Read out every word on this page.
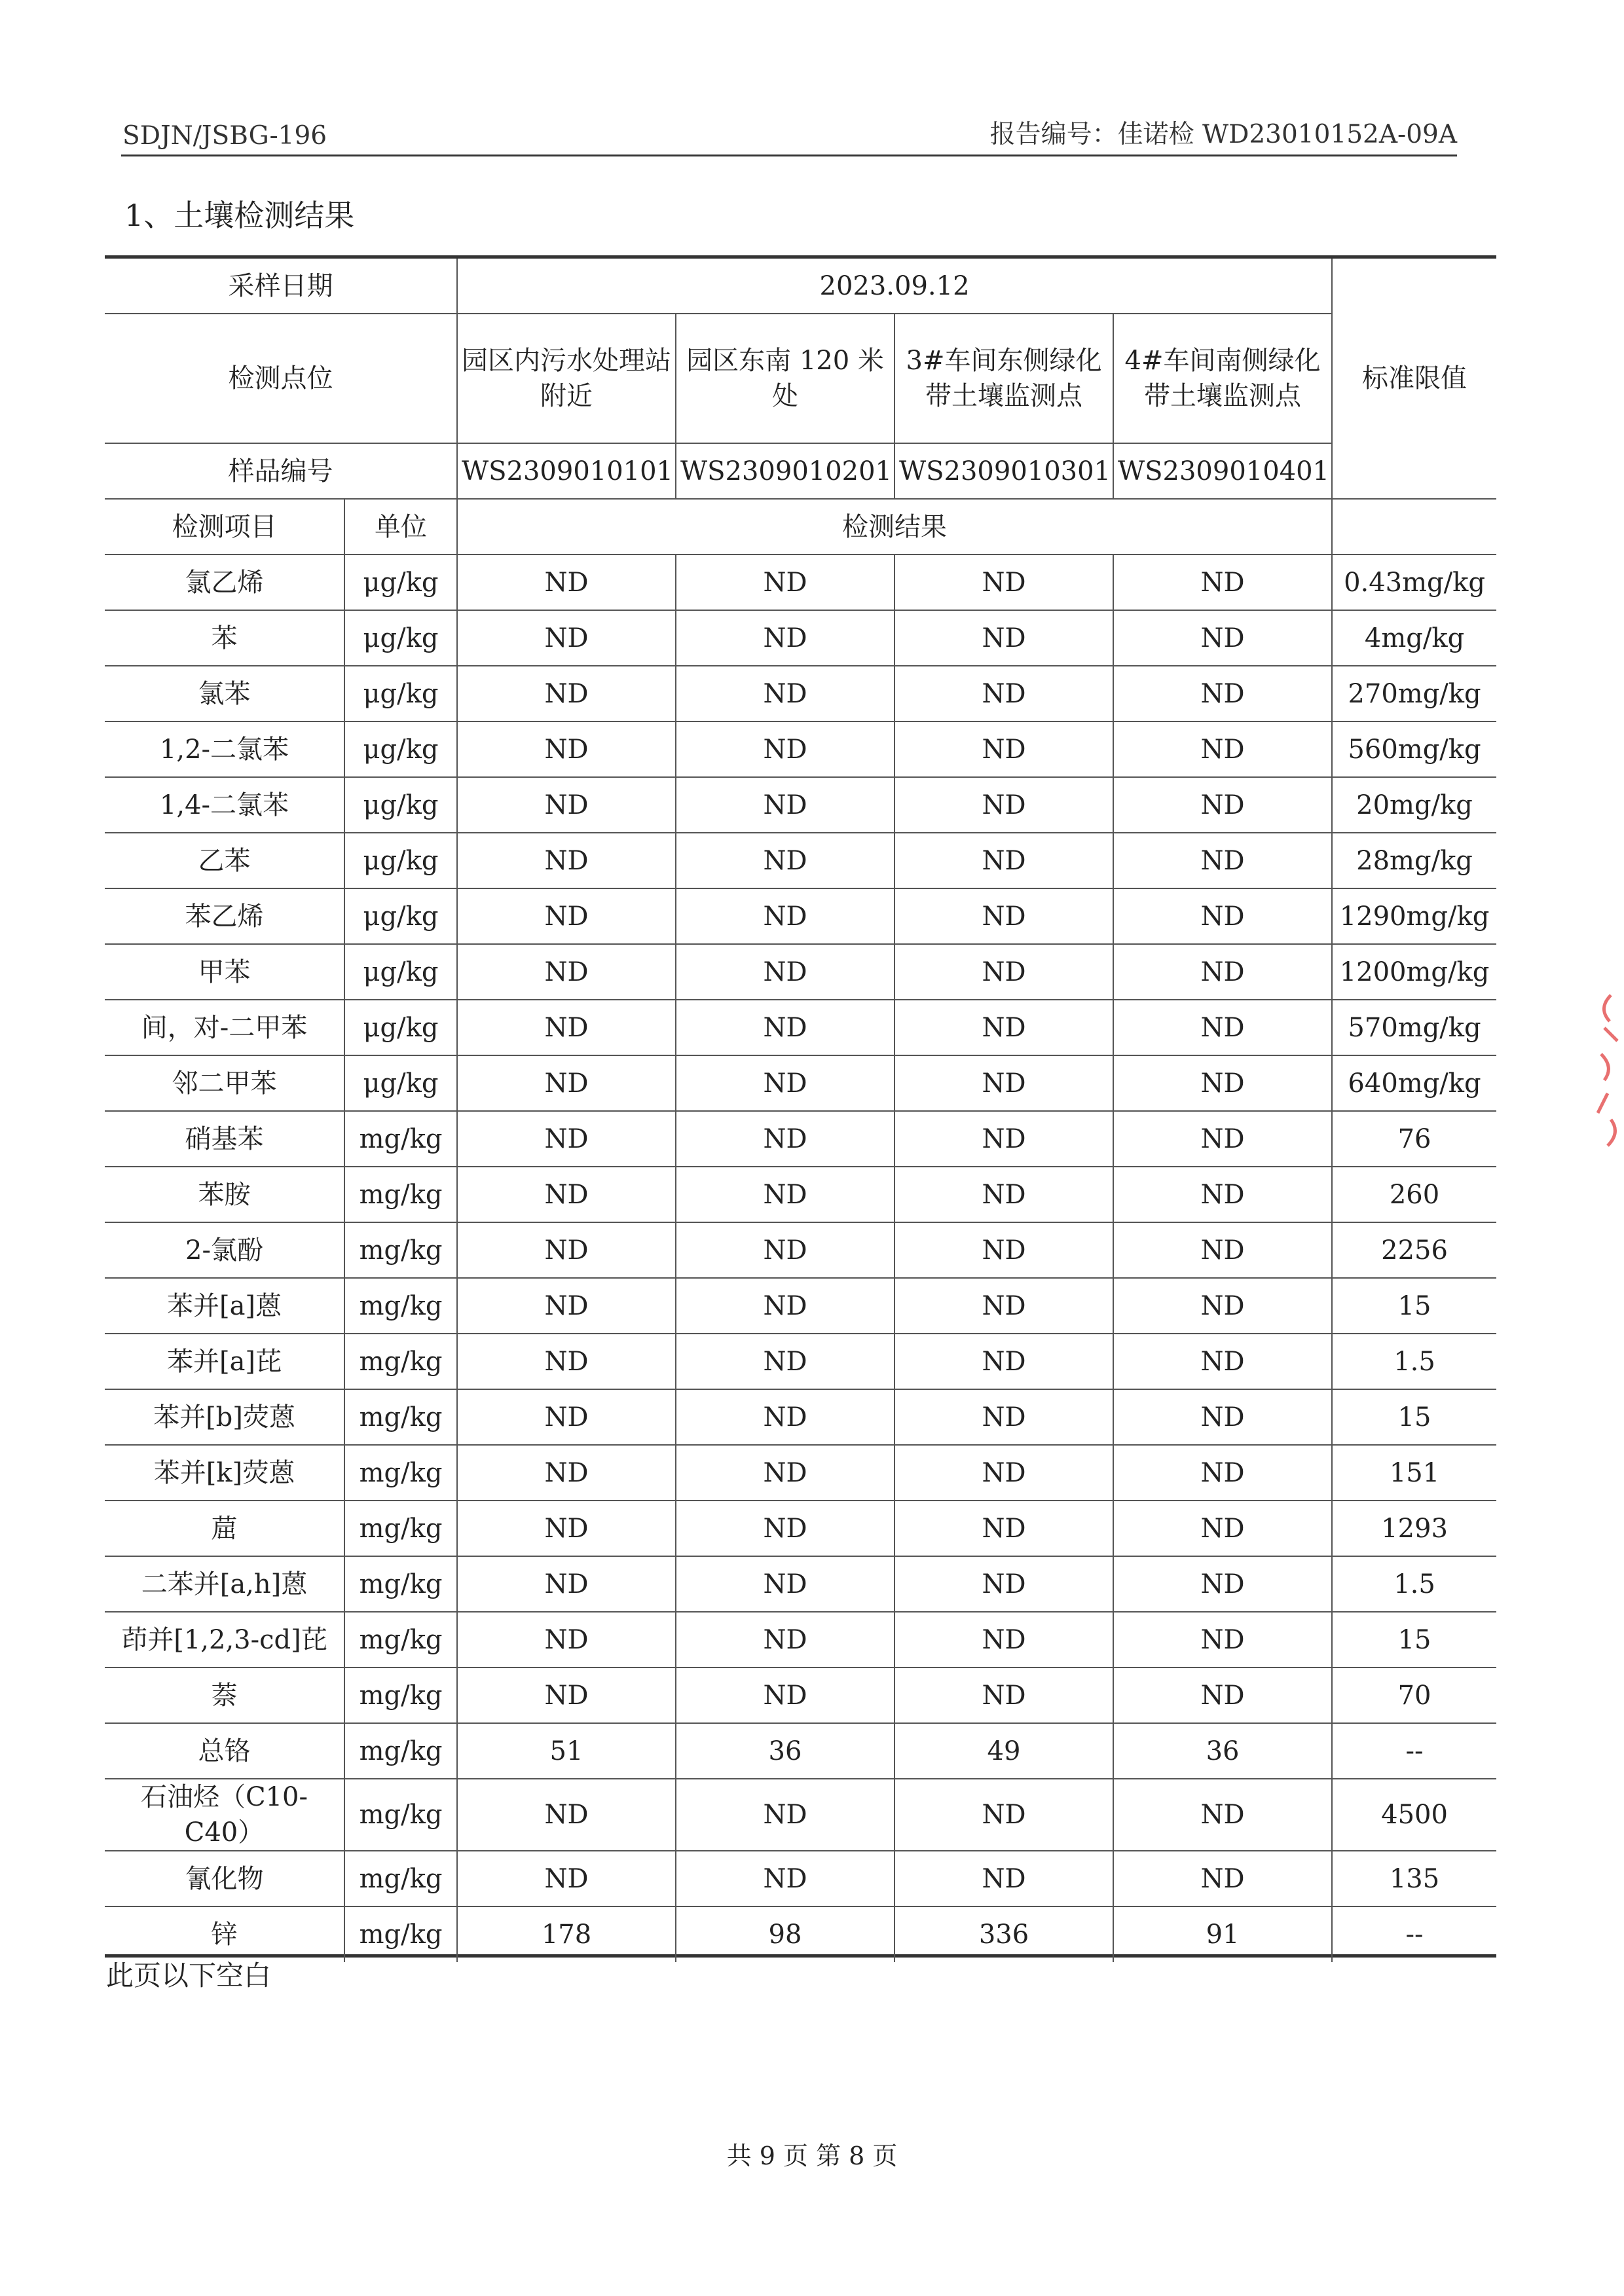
SDJN/JSBG-196	报告编号：佳诺检 WD23010152A-09A
1、土壤检测结果
采样日期		2023.09.12				标准限值
检测点位		园区内污水处理站附近	园区东南 120 米处	3#车间东侧绿化带土壤监测点	4#车间南侧绿化带土壤监测点	
样品编号		WS2309010101	WS2309010201	WS2309010301	WS2309010401	
检测项目	单位	检测结果				
氯乙烯	μg/kg	ND	ND	ND	ND	0.43mg/kg
苯	μg/kg	ND	ND	ND	ND	4mg/kg
氯苯	μg/kg	ND	ND	ND	ND	270mg/kg
1,2-二氯苯	μg/kg	ND	ND	ND	ND	560mg/kg
1,4-二氯苯	μg/kg	ND	ND	ND	ND	20mg/kg
乙苯	μg/kg	ND	ND	ND	ND	28mg/kg
苯乙烯	μg/kg	ND	ND	ND	ND	1290mg/kg
甲苯	μg/kg	ND	ND	ND	ND	1200mg/kg
间，对-二甲苯	μg/kg	ND	ND	ND	ND	570mg/kg
邻二甲苯	μg/kg	ND	ND	ND	ND	640mg/kg
硝基苯	mg/kg	ND	ND	ND	ND	76
苯胺	mg/kg	ND	ND	ND	ND	260
2-氯酚	mg/kg	ND	ND	ND	ND	2256
苯并[a]蒽	mg/kg	ND	ND	ND	ND	15
苯并[a]芘	mg/kg	ND	ND	ND	ND	1.5
苯并[b]荧蒽	mg/kg	ND	ND	ND	ND	15
苯并[k]荧蒽	mg/kg	ND	ND	ND	ND	151
䓛	mg/kg	ND	ND	ND	ND	1293
二苯并[a,h]蒽	mg/kg	ND	ND	ND	ND	1.5
茚并[1,2,3-cd]芘	mg/kg	ND	ND	ND	ND	15
萘	mg/kg	ND	ND	ND	ND	70
总铬	mg/kg	51	36	49	36	--
石油烃（C10-C40）	mg/kg	ND	ND	ND	ND	4500
氰化物	mg/kg	ND	ND	ND	ND	135
锌	mg/kg	178	98	336	91	--
此页以下空白
共 9 页 第 8 页
